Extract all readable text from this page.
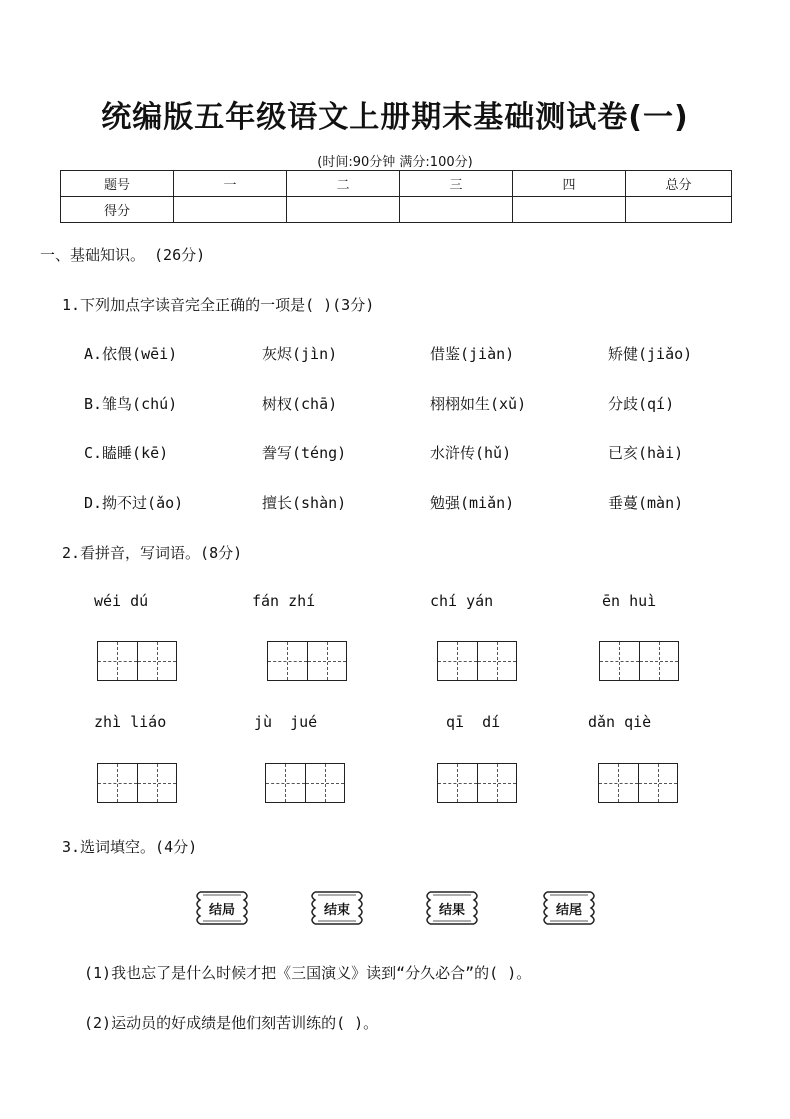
统编版五年级语文上册期末基础测试卷(一)
(时间:90分钟 满分:100分)
题号	一	二	三	四	总分
得分					
一、基础知识。 (26分)
1.下列加点字读音完全正确的一项是( )(3分)
A.依偎(wēi)	灰烬(jìn)	借鉴(jiàn)	矫健(jiǎo)
B.雏鸟(chú)	树杈(chā)	栩栩如生(xǔ)	分歧(qí)
C.瞌睡(kē)	誊写(téng)	水浒传(hǔ)	已亥(hài)
D.拗不过(ǎo)	擅长(shàn)	勉强(miǎn)	垂蔓(màn)
2.看拼音，写词语。(8分)
wéi dú	fán zhí	chí yán	ēn huì
zhì liáo	jù  jué	qī  dí	dǎn qiè
3.选词填空。(4分)
结局	结束	结果	结尾
(1)我也忘了是什么时候才把《三国演义》读到“分久必合”的( )。
(2)运动员的好成绩是他们刻苦训练的( )。
